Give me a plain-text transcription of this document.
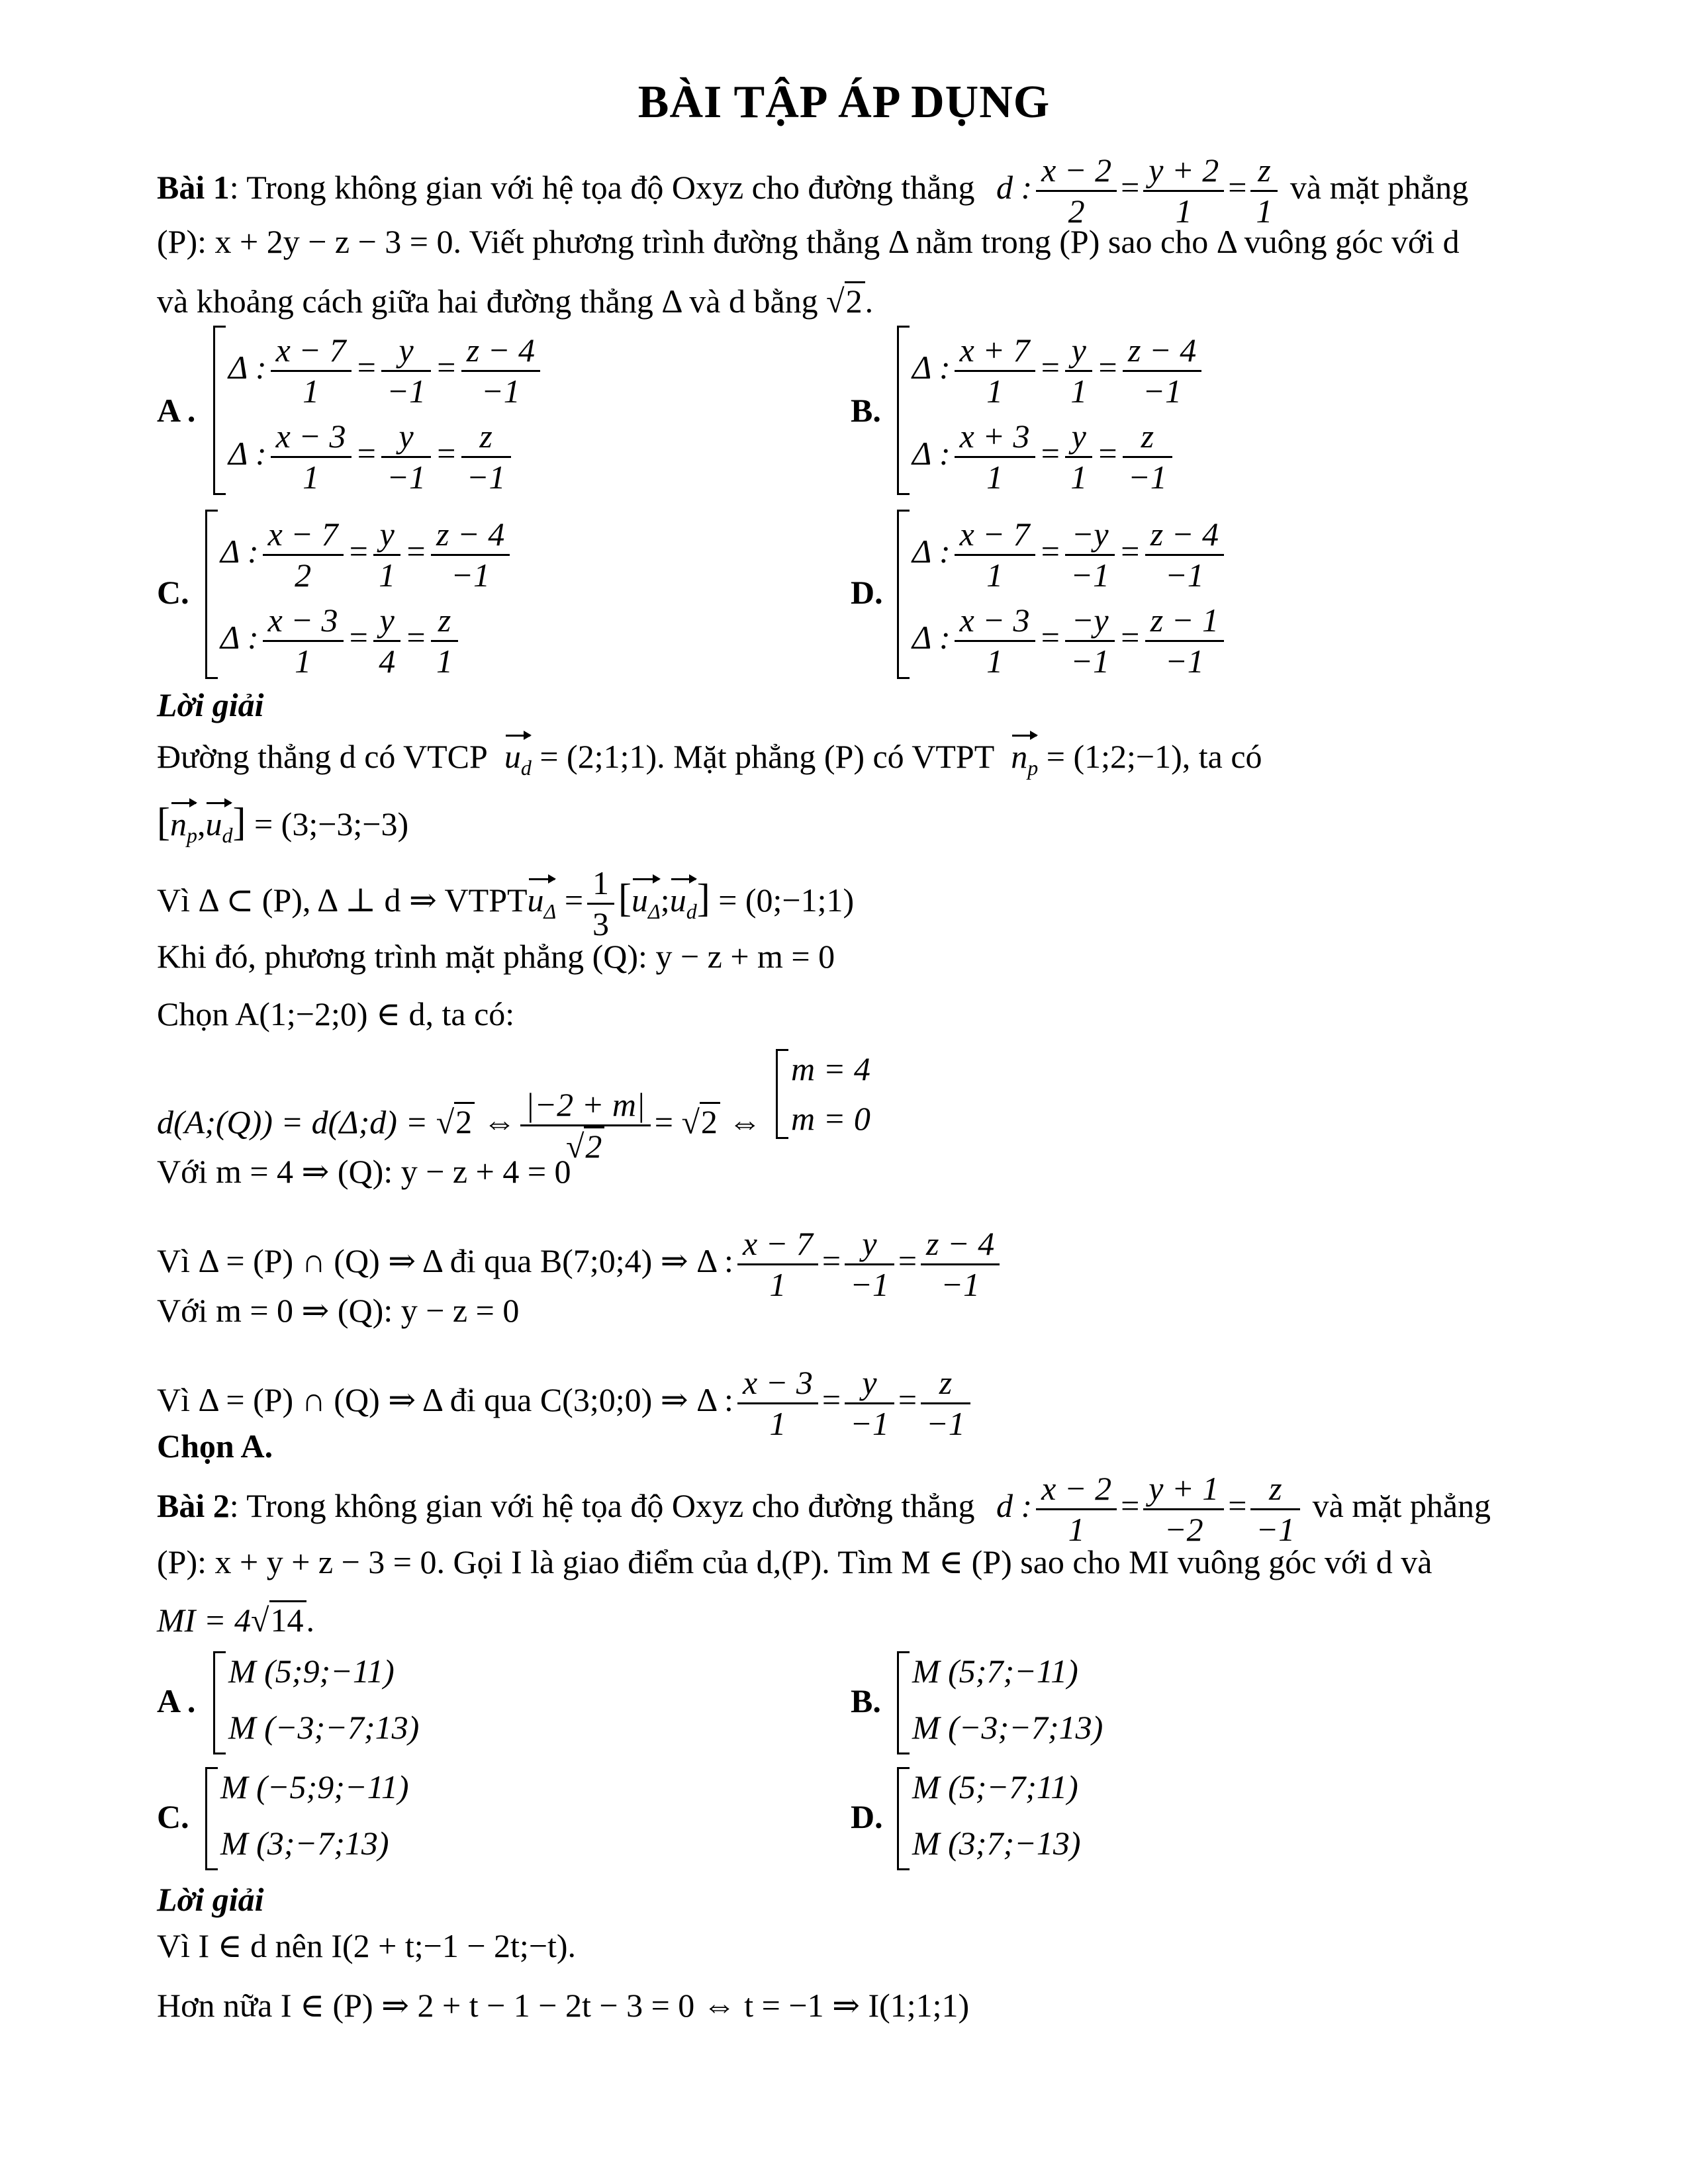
BÀI TẬP ÁP DỤNG
Bài 1: Trong không gian với hệ tọa độ Oxyz cho đường thẳng d : $\frac{x - 2}{2} = \frac{y + 2}{1} = \frac{z}{1}$ và mặt phẳng
(P): x + 2y − z − 3 = 0. Viết phương trình đường thẳng Δ nằm trong (P) sao cho Δ vuông góc với d
và khoảng cách giữa hai đường thẳng Δ và d bằng √2.
A .
Δ : $\frac{x - 7}{1} = \frac{y}{-1} = \frac{z - 4}{-1}$
Δ : $\frac{x - 3}{1} = \frac{y}{-1} = \frac{z}{-1}$
B.
Δ : $\frac{x + 7}{1} = \frac{y}{1} = \frac{z - 4}{-1}$
Δ : $\frac{x + 3}{1} = \frac{y}{1} = \frac{z}{-1}$
C.
Δ : $\frac{x - 7}{2} = \frac{y}{1} = \frac{z - 4}{-1}$
Δ : $\frac{x - 3}{1} = \frac{y}{4} = \frac{z}{1}$
D.
Δ : $\frac{x - 7}{1} = \frac{-y}{-1} = \frac{z - 4}{-1}$
Δ : $\frac{x - 3}{1} = \frac{-y}{-1} = \frac{z - 1}{-1}$
Lời giải
Đường thẳng d có VTCP $u_d$ = (2;1;1). Mặt phẳng (P) có VTPT $n_p$ = (1;2;−1), ta có
$[n_p,u_d]$ = (3;−3;−3)
Vì Δ ⊂ (P), Δ ⊥ d ⇒ VTPTu$_\Delta$ = $\frac{1}{3}$ $[u_\Delta;u_d]$ = (0;−1;1)
Khi đó, phương trình mặt phẳng (Q): y − z + m = 0
Chọn A(1;−2;0) ∈ d, ta có:
d(A;(Q)) = d(Δ;d) = √2 ⇔ $\frac{|-2 + m|}{√2} = √2$ ⇔
m = 4
m = 0
Với m = 4 ⇒ (Q): y − z + 4 = 0
Vì Δ = (P) ∩ (Q) ⇒ Δ đi qua B(7;0;4) ⇒ Δ : $\frac{x - 7}{1} = \frac{y}{-1} = \frac{z - 4}{-1}$
Với m = 0 ⇒ (Q): y − z = 0
Vì Δ = (P) ∩ (Q) ⇒ Δ đi qua C(3;0;0) ⇒ Δ : $\frac{x - 3}{1} = \frac{y}{-1} = \frac{z}{-1}$
Chọn A.
Bài 2: Trong không gian với hệ tọa độ Oxyz cho đường thẳng d : $\frac{x - 2}{1} = \frac{y + 1}{-2} = \frac{z}{-1}$ và mặt phẳng
(P): x + y + z − 3 = 0. Gọi I là giao điểm của d,(P). Tìm M ∈ (P) sao cho MI vuông góc với d và
MI = 4√14.
A .
M (5;9;−11)
M (−3;−7;13)
B.
M (5;7;−11)
M (−3;−7;13)
C.
M (−5;9;−11)
M (3;−7;13)
D.
M (5;−7;11)
M (3;7;−13)
Lời giải
Vì I ∈ d nên I(2 + t;−1 − 2t;−t).
Hơn nữa I ∈ (P) ⇒ 2 + t − 1 − 2t − 3 = 0 ⇔ t = −1 ⇒ I(1;1;1)
